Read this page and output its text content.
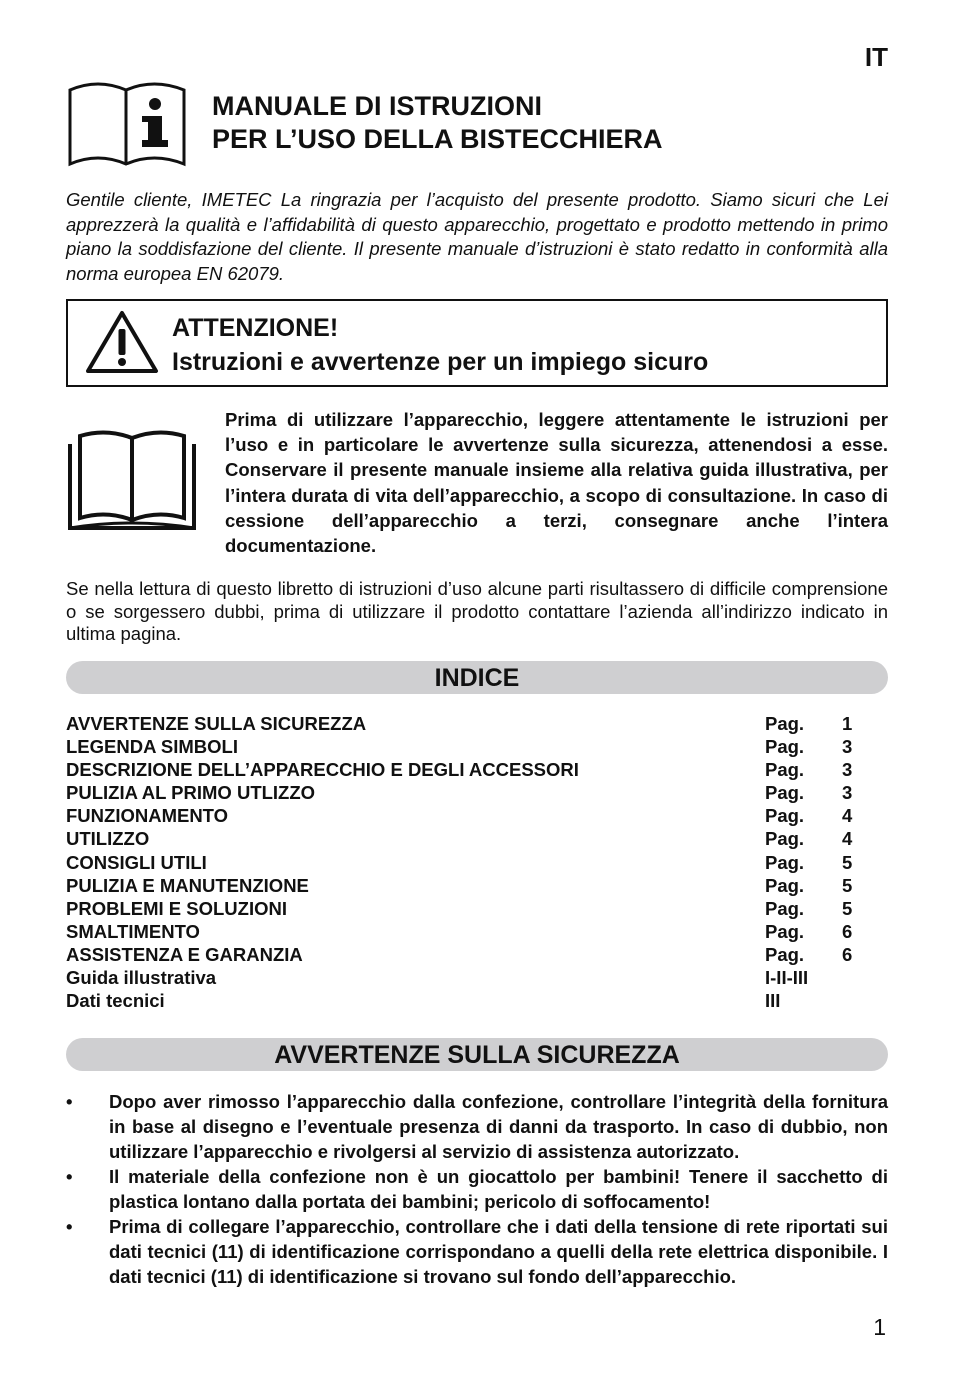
IT
MANUALE DI ISTRUZIONI
PER L’USO DELLA BISTECCHIERA
Gentile cliente, IMETEC La ringrazia per l’acquisto del presente prodotto. Siamo sicuri che Lei apprezzerà la qualità e l’affidabilità di questo apparecchio, progettato e prodotto mettendo in primo piano la soddisfazione del cliente. Il presente manuale d’istruzioni è stato redatto in conformità alla norma europea EN 62079.
ATTENZIONE!
Istruzioni e avvertenze per un impiego sicuro
Prima di utilizzare l’apparecchio, leggere attentamente le istruzioni per l’uso e in particolare le avvertenze sulla sicurezza, attenendosi a esse. Conservare il presente manuale insieme alla relativa guida illustrativa, per l’intera durata di vita dell’apparecchio, a scopo di consultazione. In caso di cessione dell’apparecchio a terzi, consegnare anche l’intera documentazione.
Se nella lettura di questo libretto di istruzioni d’uso alcune parti risultassero di difficile comprensione o se sorgessero dubbi, prima di utilizzare il prodotto contattare l’azienda all’indirizzo indicato in ultima pagina.
INDICE
AVVERTENZE SULLA SICUREZZA	Pag. 1
LEGENDA SIMBOLI	Pag. 3
DESCRIZIONE DELL’APPARECCHIO E DEGLI ACCESSORI	Pag. 3
PULIZIA AL PRIMO UTLIZZO	Pag. 3
FUNZIONAMENTO	Pag. 4
UTILIZZO	Pag. 4
CONSIGLI UTILI	Pag. 5
PULIZIA E MANUTENZIONE	Pag. 5
PROBLEMI E SOLUZIONI	Pag. 5
SMALTIMENTO	Pag. 6
ASSISTENZA E GARANZIA	Pag. 6
Guida illustrativa	I-II-III
Dati tecnici	III
AVVERTENZE SULLA SICUREZZA
• Dopo aver rimosso l’apparecchio dalla confezione, controllare l’integrità della fornitura in base al disegno e l’eventuale presenza di danni da trasporto. In caso di dubbio, non utilizzare l’apparecchio e rivolgersi al servizio di assistenza autorizzato.
• Il materiale della confezione non è un giocattolo per bambini! Tenere il sacchetto di plastica lontano dalla portata dei bambini; pericolo di soffocamento!
• Prima di collegare l’apparecchio, controllare che i dati della tensione di rete riportati sui dati tecnici (11) di identificazione corrispondano a quelli della rete elettrica disponibile. I dati tecnici (11) di identificazione si trovano sul fondo dell’apparecchio.
1
